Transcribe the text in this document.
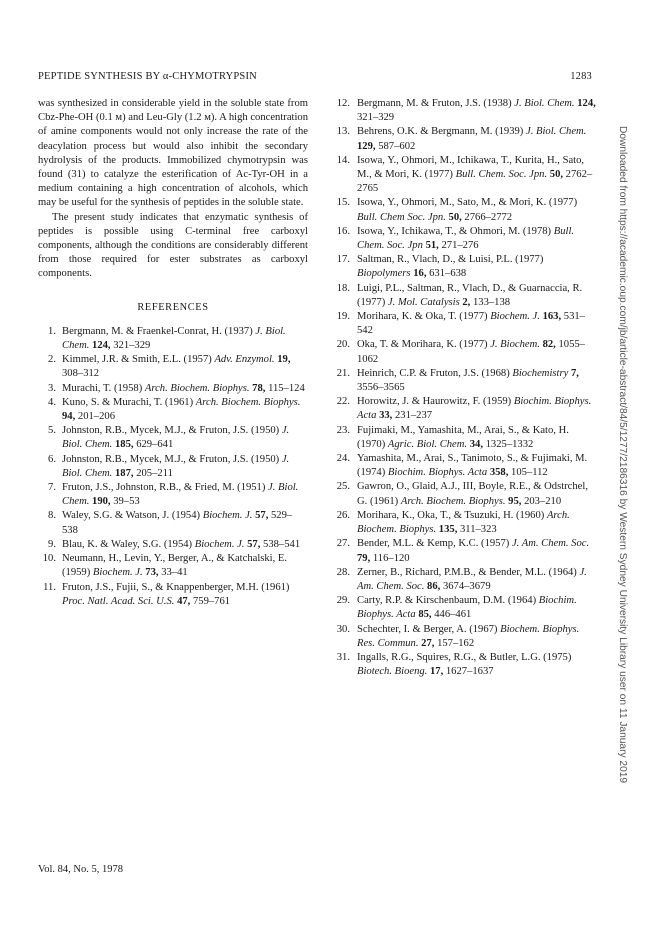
PEPTIDE SYNTHESIS BY α-CHYMOTRYPSIN	1283

was synthesized in considerable yield in the soluble state from Cbz-Phe-OH (0.1 м) and Leu-Gly (1.2 м). A high concentration of amine components would not only increase the rate of the deacylation process but would also inhibit the secondary hydrolysis of the products. Immobilized chymotrypsin was found (31) to catalyze the esterification of Ac-Tyr-OH in a medium containing a high concentration of alcohols, which may be useful for the synthesis of peptides in the soluble state.

The present study indicates that enzymatic synthesis of peptides is possible using C-terminal free carboxyl components, although the conditions are considerably different from those required for ester substrates as carboxyl components.

REFERENCES

1. Bergmann, M. & Fraenkel-Conrat, H. (1937) J. Biol. Chem. 124, 321–329

2. Kimmel, J.R. & Smith, E.L. (1957) Adv. Enzymol. 19, 308–312

3. Murachi, T. (1958) Arch. Biochem. Biophys. 78, 115–124

4. Kuno, S. & Murachi, T. (1961) Arch. Biochem. Biophys. 94, 201–206

5. Johnston, R.B., Mycek, M.J., & Fruton, J.S. (1950) J. Biol. Chem. 185, 629–641

6. Johnston, R.B., Mycek, M.J., & Fruton, J.S. (1950) J. Biol. Chem. 187, 205–211

7. Fruton, J.S., Johnston, R.B., & Fried, M. (1951) J. Biol. Chem. 190, 39–53

8. Waley, S.G. & Watson, J. (1954) Biochem. J. 57, 529–538

9. Blau, K. & Waley, S.G. (1954) Biochem. J. 57, 538–541

10. Neumann, H., Levin, Y., Berger, A., & Katchalski, E. (1959) Biochem. J. 73, 33–41

11. Fruton, J.S., Fujii, S., & Knappenberger, M.H. (1961) Proc. Natl. Acad. Sci. U.S. 47, 759–761

12. Bergmann, M. & Fruton, J.S. (1938) J. Biol. Chem. 124, 321–329

13. Behrens, O.K. & Bergmann, M. (1939) J. Biol. Chem. 129, 587–602

14. Isowa, Y., Ohmori, M., Ichikawa, T., Kurita, H., Sato, M., & Mori, K. (1977) Bull. Chem. Soc. Jpn. 50, 2762–2765

15. Isowa, Y., Ohmori, M., Sato, M., & Mori, K. (1977) Bull. Chem Soc. Jpn. 50, 2766–2772

16. Isowa, Y., Ichikawa, T., & Ohmori, M. (1978) Bull. Chem. Soc. Jpn 51, 271–276

17. Saltman, R., Vlach, D., & Luisi, P.L. (1977) Biopolymers 16, 631–638

18. Luigi, P.L., Saltman, R., Vlach, D., & Guarnaccia, R. (1977) J. Mol. Catalysis 2, 133–138

19. Morihara, K. & Oka, T. (1977) Biochem. J. 163, 531–542

20. Oka, T. & Morihara, K. (1977) J. Biochem. 82, 1055–1062

21. Heinrich, C.P. & Fruton, J.S. (1968) Biochemistry 7, 3556–3565

22. Horowitz, J. & Haurowitz, F. (1959) Biochim. Biophys. Acta 33, 231–237

23. Fujimaki, M., Yamashita, M., Arai, S., & Kato, H. (1970) Agric. Biol. Chem. 34, 1325–1332

24. Yamashita, M., Arai, S., Tanimoto, S., & Fujimaki, M. (1974) Biochim. Biophys. Acta 358, 105–112

25. Gawron, O., Glaid, A.J., III, Boyle, R.E., & Odstrchel, G. (1961) Arch. Biochem. Biophys. 95, 203–210

26. Morihara, K., Oka, T., & Tsuzuki, H. (1960) Arch. Biochem. Biophys. 135, 311–323

27. Bender, M.L. & Kemp, K.C. (1957) J. Am. Chem. Soc. 79, 116–120

28. Zerner, B., Richard, P.M.B., & Bender, M.L. (1964) J. Am. Chem. Soc. 86, 3674–3679

29. Carty, R.P. & Kirschenbaum, D.M. (1964) Biochim. Biophys. Acta 85, 446–461

30. Schechter, I. & Berger, A. (1967) Biochem. Biophys. Res. Commun. 27, 157–162

31. Ingalls, R.G., Squires, R.G., & Butler, L.G. (1975) Biotech. Bioeng. 17, 1627–1637	Downloaded from https://academic.oup.com/jb/article-abstract/84/5/1277/2186316 by Western Sydney University Library user on 11 January 2019
Vol. 84, No. 5, 1978
